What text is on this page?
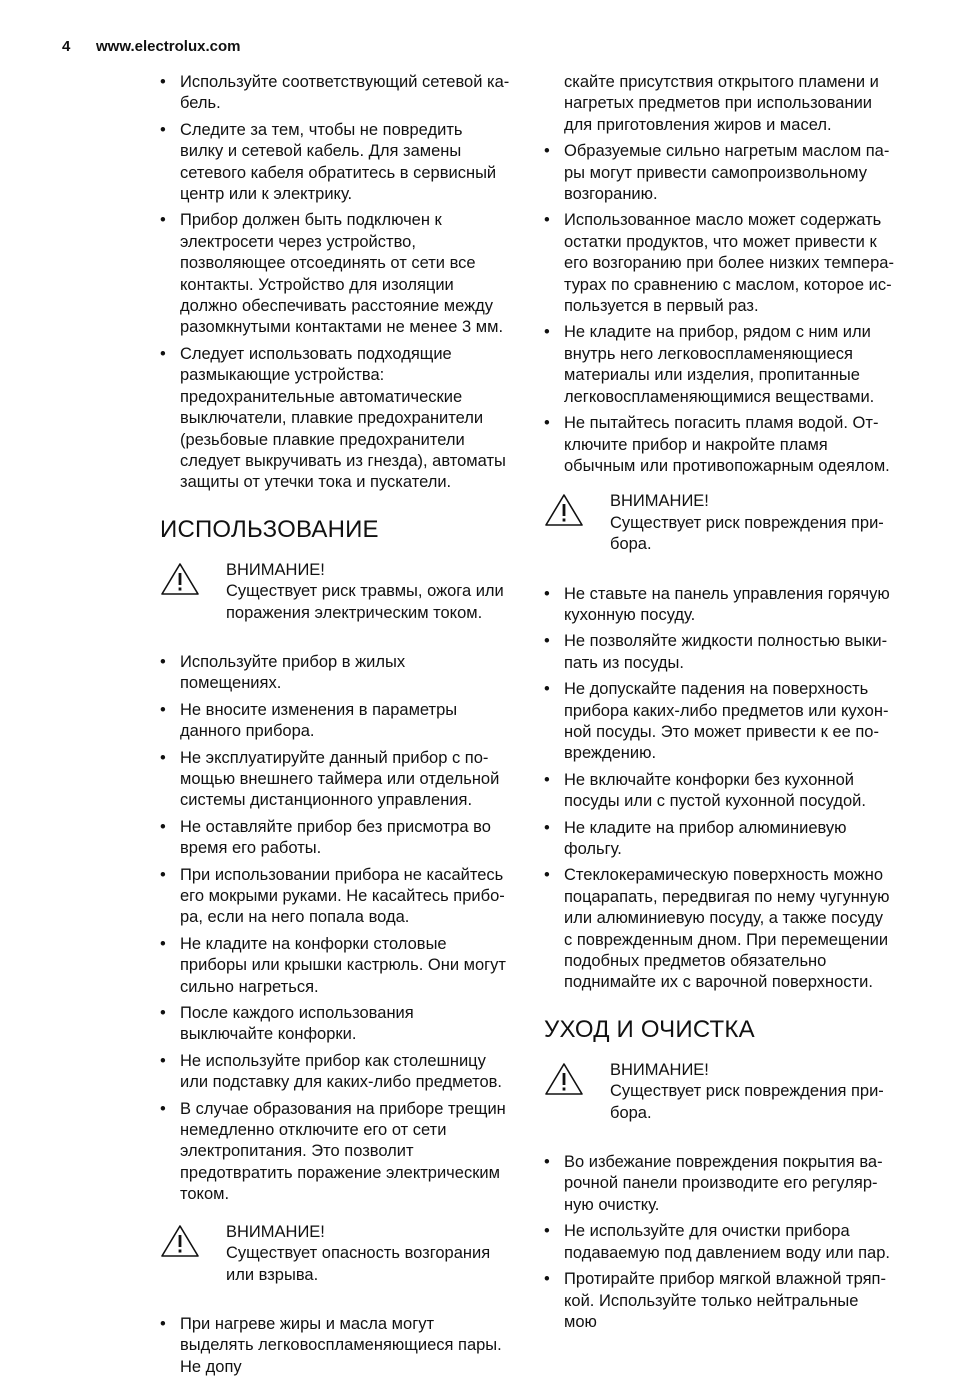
4 www.electrolux.com
• Используйте соответствующий сетевой кабель.
• Следите за тем, чтобы не повредить вилку и сетевой кабель. Для замены сетевого кабеля обратитесь в сервисный центр или к электрику.
• Прибор должен быть подключен к электросети через устройство, позволяющее отсоединять от сети все контакты. Устройство для изоляции должно обеспечивать расстояние между разомкнутыми контактами не менее 3 мм.
• Следует использовать подходящие размыкающие устройства: предохранительные автоматические выключатели, плавкие предохранители (резьбовые плавкие предохранители следует выкручивать из гнезда), автоматы защиты от утечки тока и пускатели.
ИСПОЛЬЗОВАНИЕ
ВНИМАНИЕ!
Существует риск травмы, ожога или поражения электрическим током.
• Используйте прибор в жилых помещениях.
• Не вносите изменения в параметры данного прибора.
• Не эксплуатируйте данный прибор с помощью внешнего таймера или отдельной системы дистанционного управления.
• Не оставляйте прибор без присмотра во время его работы.
• При использовании прибора не касайтесь его мокрыми руками. Не касайтесь прибора, если на него попала вода.
• Не кладите на конфорки столовые приборы или крышки кастрюль. Они могут сильно нагреться.
• После каждого использования выключайте конфорки.
• Не используйте прибор как столешницу или подставку для каких-либо предметов.
• В случае образования на приборе трещин немедленно отключите его от сети электропитания. Это позволит предотвратить поражение электрическим током.
ВНИМАНИЕ!
Существует опасность возгорания или взрыва.
• При нагреве жиры и масла могут выделять легковоспламеняющиеся пары. Не допу
скайте присутствия открытого пламени и нагретых предметов при использовании для приготовления жиров и масел.
• Образуемые сильно нагретым маслом пары могут привести самопроизвольному возгоранию.
• Использованное масло может содержать остатки продуктов, что может привести к его возгоранию при более низких температурах по сравнению с маслом, которое используется в первый раз.
• Не кладите на прибор, рядом с ним или внутрь него легковоспламеняющиеся материалы или изделия, пропитанные легковоспламеняющимися веществами.
• Не пытайтесь погасить пламя водой. Отключите прибор и накройте пламя обычным или противопожарным одеялом.
ВНИМАНИЕ!
Существует риск повреждения прибора.
• Не ставьте на панель управления горячую кухонную посуду.
• Не позволяйте жидкости полностью выкипать из посуды.
• Не допускайте падения на поверхность прибора каких-либо предметов или кухонной посуды. Это может привести к ее повреждению.
• Не включайте конфорки без кухонной посуды или с пустой кухонной посудой.
• Не кладите на прибор алюминиевую фольгу.
• Стеклокерамическую поверхность можно поцарапать, передвигая по нему чугунную или алюминиевую посуду, а также посуду с поврежденным дном. При перемещении подобных предметов обязательно поднимайте их с варочной поверхности.
УХОД И ОЧИСТКА
ВНИМАНИЕ!
Существует риск повреждения прибора.
• Во избежание повреждения покрытия варочной панели производите его регулярную очистку.
• Не используйте для очистки прибора подаваемую под давлением воду или пар.
• Протирайте прибор мягкой влажной тряпкой. Используйте только нейтральные мою
